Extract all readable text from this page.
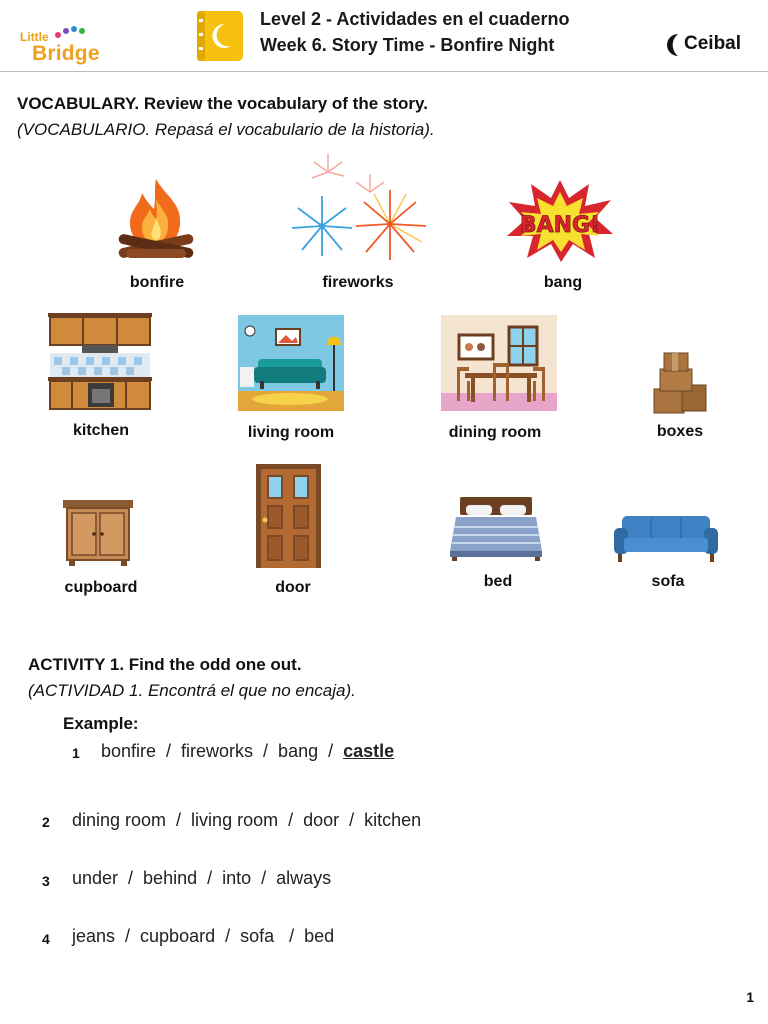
Little
Bridge
Level 2 - Actividades en el cuaderno
Week 6. Story Time - Bonfire Night	Ceibal
VOCABULARY. Review the vocabulary of the story.
(VOCABULARIO. Repasá el vocabulario de la historia).
bonfire	fireworks
BANG!
bang
kitchen	living room	dining room	boxes
cupboard	door	bed	sofa
ACTIVITY 1. Find the odd one out.
(ACTIVIDAD 1. Encontrá el que no encaja).
Example:
1 bonfire  /  fireworks  /  bang  /  castle
2 dining room  /  living room  /  door  /  kitchen
3 under  /  behind  /  into  /  always
4 jeans  /  cupboard  /  sofa   /  bed
1
